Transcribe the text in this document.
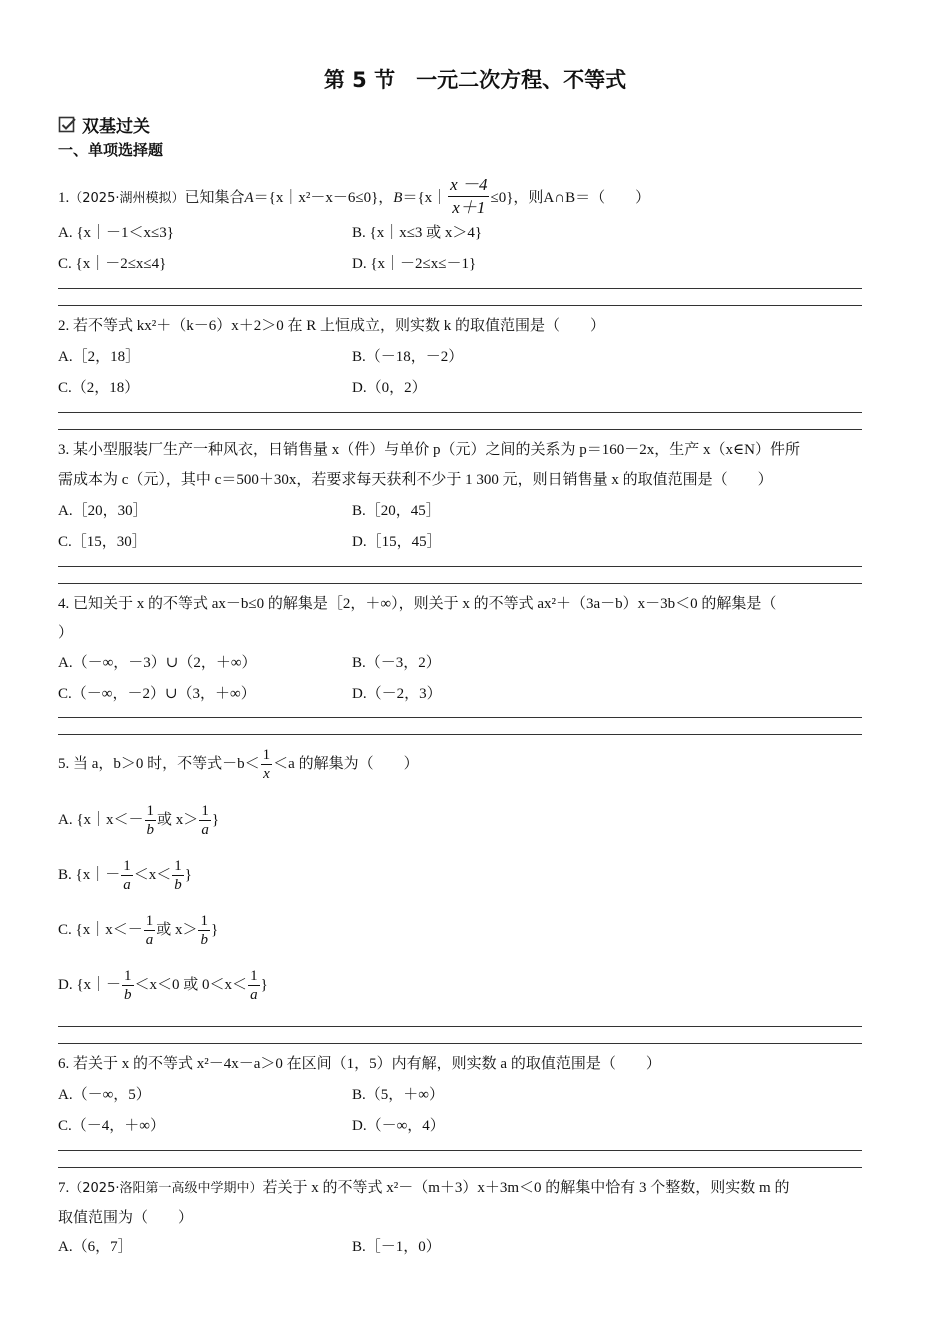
第 5 节　一元二次方程、不等式
双基过关
一、单项选择题
1.（2025·湖州模拟）已知集合A＝{x｜x²－x－6≤0}，B＝{x｜ $\frac{x -4}{x+1} \le 0$}，则A∩B＝（　　）
A. {x｜－1＜x≤3}	B. {x｜x≤3 或 x＞4}
C. {x｜－2≤x≤4}	D. {x｜－2≤x≤－1}
2. 若不等式 kx²＋（k－6）x＋2＞0 在 R 上恒成立，则实数 k 的取值范围是（　　）
A.［2，18］	B.（－18，－2）
C.（2，18）	D.（0，2）
3. 某小型服装厂生产一种风衣，日销售量 x（件）与单价 p（元）之间的关系为 p＝160－2x，生产 x（x∈N）件所
需成本为 c（元），其中 c＝500＋30x，若要求每天获利不少于 1 300 元，则日销售量 x 的取值范围是（　　）
A.［20，30］	B.［20，45］
C.［15，30］	D.［15，45］
4. 已知关于 x 的不等式 ax－b≤0 的解集是［2，＋∞），则关于 x 的不等式 ax²＋（3a－b）x－3b＜0 的解集是（
）
A.（－∞，－3）∪（2，＋∞）	B.（－3，2）
C.（－∞，－2）∪（3，＋∞）	D.（－2，3）
5. 当 a，b＞0 时，不等式$-b< \frac{1}{x} <a$ 的解集为（　　）
A. {x｜x＜－ $\frac{1}{b}$ 或 $x> \frac{1}{a}$ }
B. {x｜－ $\frac{1}{a} <x< \frac{1}{b}$ }
C. {x｜x＜－ $\frac{1}{a}$ 或 $x> \frac{1}{b}$ }
D. {x｜－ $\frac{1}{b} <x<0$ 或 $0<x< \frac{1}{a}$ }
6. 若关于 x 的不等式 x²－4x－a＞0 在区间（1，5）内有解，则实数 a 的取值范围是（　　）
A.（－∞，5）	B.（5，＋∞）
C.（－4，＋∞）	D.（－∞，4）
7.（2025·洛阳第一高级中学期中）若关于 x 的不等式 x²－（m＋3）x＋3m＜0 的解集中恰有 3 个整数，则实数 m 的
取值范围为（　　）
A.（6，7］	B.［－1，0）
